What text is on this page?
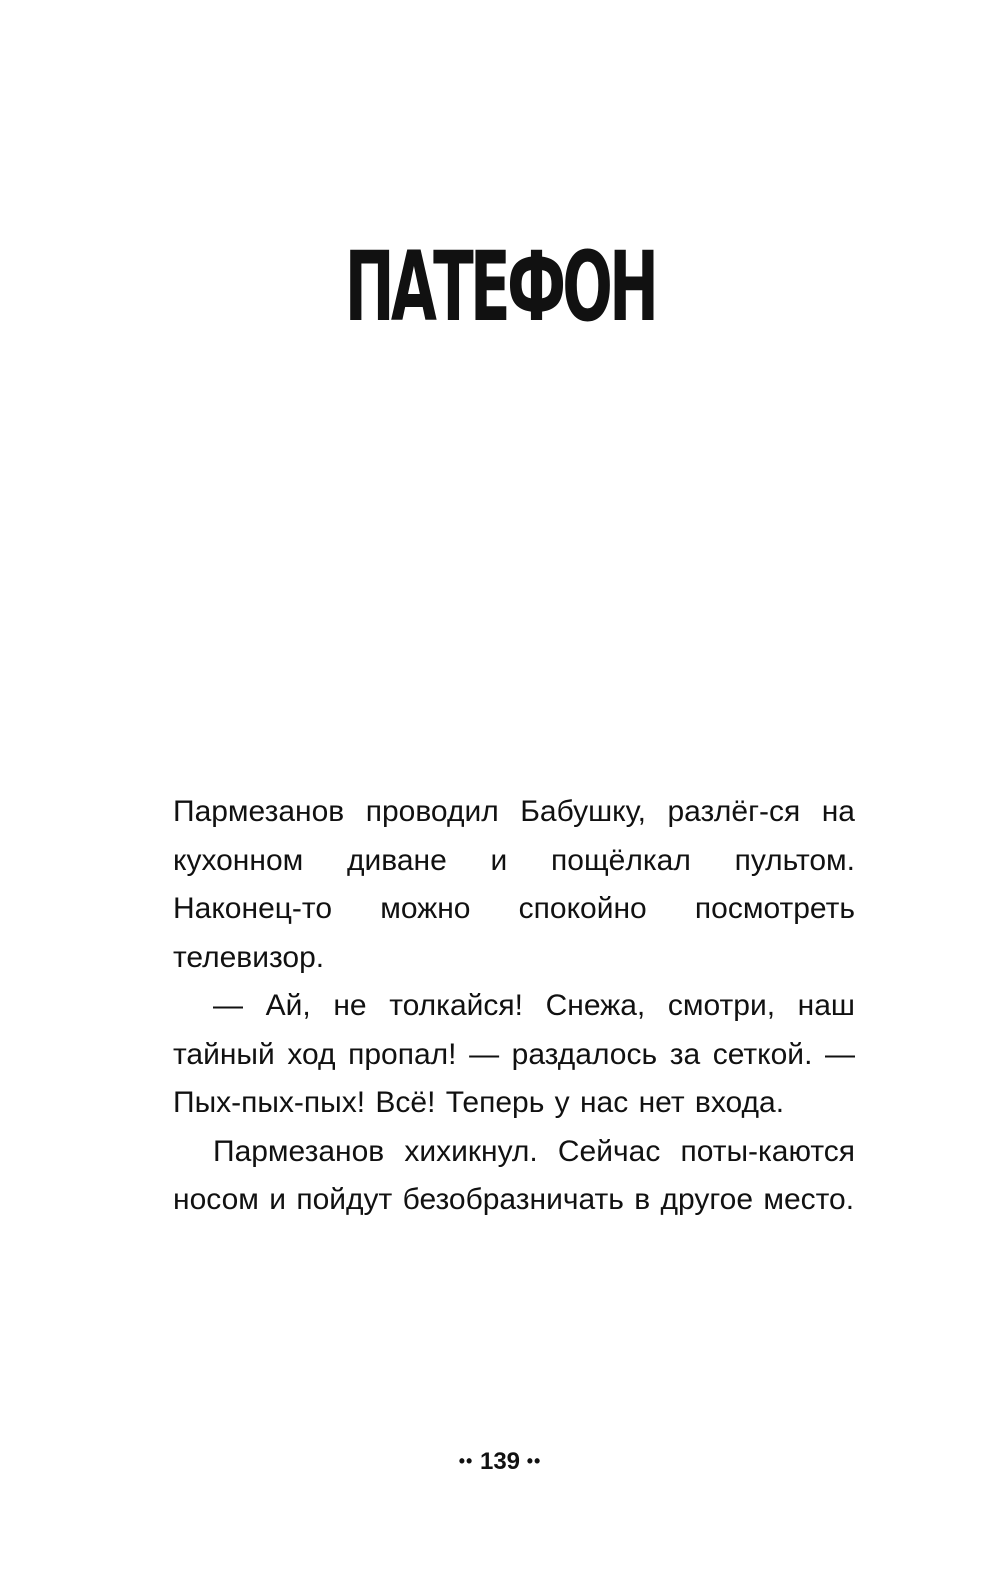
ПАТЕФОН

Пармезанов проводил Бабушку, разлёг-ся на кухонном диване и пощёлкал пультом. Наконец-то можно спокойно посмотреть телевизор.

— Ай, не толкайся! Снежа, смотри, наш тайный ход пропал! — раздалось за сеткой. — Пых-пых-пых! Всё! Теперь у нас нет входа.

Пармезанов хихикнул. Сейчас поты-каются носом и пойдут безобразничать в другое место.

•• 139 ••
